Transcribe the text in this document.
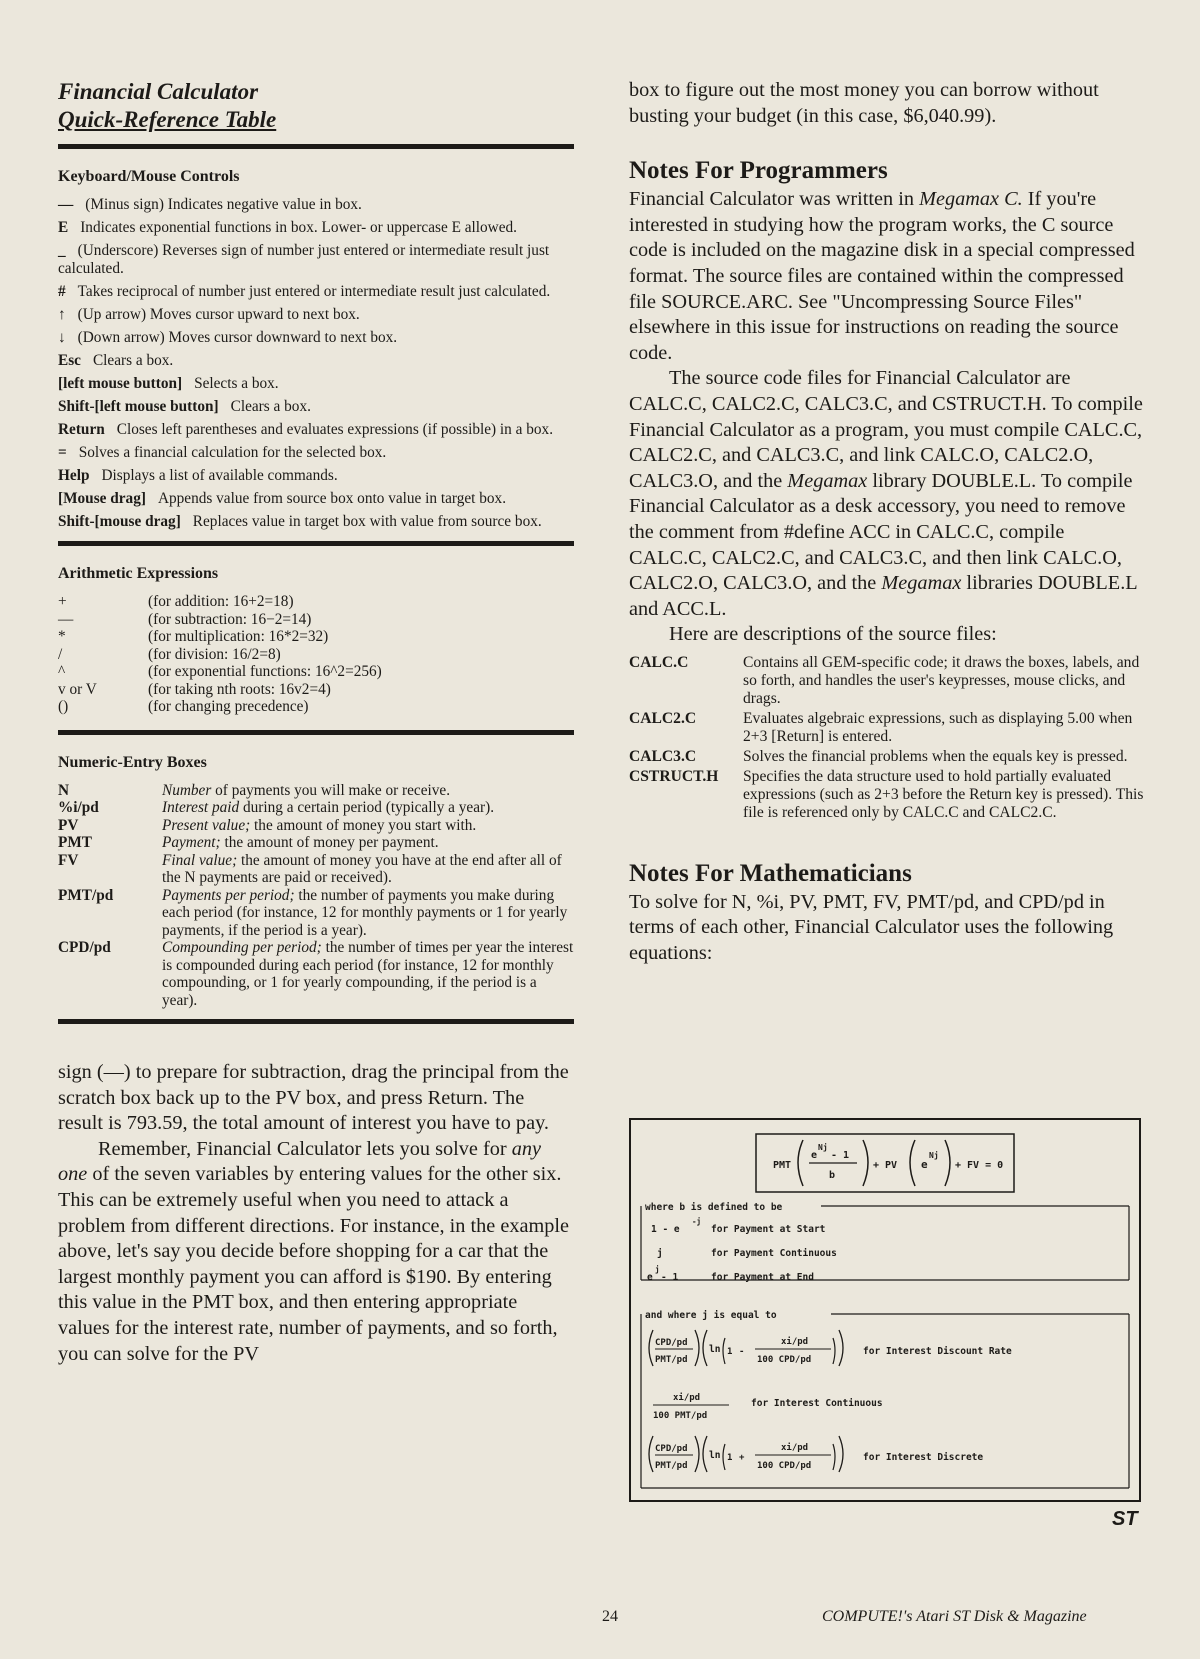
Financial Calculator
Quick-Reference Table
Keyboard/Mouse Controls

— (Minus sign) Indicates negative value in box.

E Indicates exponential functions in box. Lower- or uppercase E allowed.

_ (Underscore) Reverses sign of number just entered or intermediate result just calculated.

# Takes reciprocal of number just entered or intermediate result just calculated.

↑ (Up arrow) Moves cursor upward to next box.

↓ (Down arrow) Moves cursor downward to next box.

Esc Clears a box.

[left mouse button] Selects a box.

Shift-[left mouse button] Clears a box.

Return Closes left parentheses and evaluates expressions (if possible) in a box.

= Solves a financial calculation for the selected box.

Help Displays a list of available commands.

[Mouse drag] Appends value from source box onto value in target box.

Shift-[mouse drag] Replaces value in target box with value from source box.

Arithmetic Expressions
+	(for addition: 16+2=18)
—	(for subtraction: 16−2=14)
*	(for multiplication: 16*2=32)
/	(for division: 16/2=8)
^	(for exponential functions: 16^2=256)
v or V	(for taking nth roots: 16v2=4)
()	(for changing precedence)
Numeric-Entry Boxes
N	Number of payments you will make or receive.
%i/pd	Interest paid during a certain period (typically a year).
PV	Present value; the amount of money you start with.
PMT	Payment; the amount of money per payment.
FV	Final value; the amount of money you have at the end after all of the N payments are paid or received).
PMT/pd	Payments per period; the number of payments you make during each period (for instance, 12 for monthly payments or 1 for yearly payments, if the period is a year).
CPD/pd	Compounding per period; the number of times per year the interest is compounded during each period (for instance, 12 for monthly compounding, or 1 for yearly compounding, if the period is a year).

sign (—) to prepare for subtraction, drag the principal from the scratch box back up to the PV box, and press Return. The result is 793.59, the total amount of interest you have to pay.

Remember, Financial Calculator lets you solve for any one of the seven variables by entering values for the other six. This can be extremely useful when you need to attack a problem from different directions. For instance, in the example above, let's say you decide before shopping for a car that the largest monthly payment you can afford is $190. By entering this value in the PMT box, and then entering appropriate values for the interest rate, number of payments, and so forth, you can solve for the PV

box to figure out the most money you can borrow without busting your budget (in this case, $6,040.99).

Notes For Programmers

Financial Calculator was written in Megamax C. If you're interested in studying how the program works, the C source code is included on the magazine disk in a special compressed format. The source files are contained within the compressed file SOURCE.ARC. See "Uncompressing Source Files" elsewhere in this issue for instructions on reading the source code.

The source code files for Financial Calculator are CALC.C, CALC2.C, CALC3.C, and CSTRUCT.H. To compile Financial Calculator as a program, you must compile CALC.C, CALC2.C, and CALC3.C, and link CALC.O, CALC2.O, CALC3.O, and the Megamax library DOUBLE.L. To compile Financial Calculator as a desk accessory, you need to remove the comment from #define ACC in CALC.C, compile CALC.C, CALC2.C, and CALC3.C, and then link CALC.O, CALC2.O, CALC3.O, and the Megamax libraries DOUBLE.L and ACC.L.

Here are descriptions of the source files:

CALC.C	Contains all GEM-specific code; it draws the boxes, labels, and so forth, and handles the user's keypresses, mouse clicks, and drags.
CALC2.C	Evaluates algebraic expressions, such as displaying 5.00 when 2+3 [Return] is entered.
CALC3.C	Solves the financial problems when the equals key is pressed.
CSTRUCT.H	Specifies the data structure used to hold partially evaluated expressions (such as 2+3 before the Return key is pressed). This file is referenced only by CALC.C and CALC2.C.
Notes For Mathematicians

To solve for N, %i, PV, PMT, FV, PMT/pd, and CPD/pd in terms of each other, Financial Calculator uses the following equations:

PMT
e
Nj
- 1
b
+ PV e
Nj
+ FV = 0
where b is defined to be
1 - e
-j
for Payment at Start
j	for Payment Continuous
e
j
- 1	for Payment at End
and where j is equal to
CPD/pd
PMT/pd
ln 1 -
xi/pd
100 CPD/pd
for Interest Discount Rate
xi/pd
100 PMT/pd
for Interest Continuous
CPD/pd
PMT/pd
ln 1 +
xi/pd
100 CPD/pd
for Interest Discrete
ST
24	COMPUTE!'s Atari ST Disk & Magazine
